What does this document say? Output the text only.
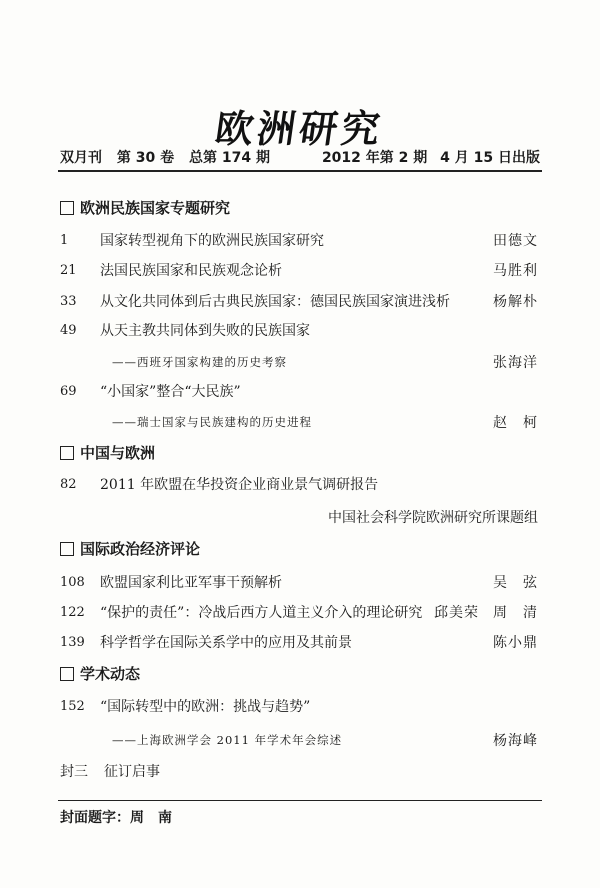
欧洲研究
双月刊 第 30 卷 总第 174 期	2012 年第 2 期 4 月 15 日出版
欧洲民族国家专题研究
1	国家转型视角下的欧洲民族国家研究	田德文
21	法国民族国家和民族观念论析	马胜利
33	从文化共同体到后古典民族国家：德国民族国家演进浅析	杨解朴
49	从天主教共同体到失败的民族国家
——西班牙国家构建的历史考察	张海洋
69	“小国家”整合“大民族”
——瑞士国家与民族建构的历史进程	赵　柯
中国与欧洲
82	2011 年欧盟在华投资企业商业景气调研报告
中国社会科学院欧洲研究所课题组
国际政治经济评论
108	欧盟国家利比亚军事干预解析	吴　弦
122	“保护的责任”：冷战后西方人道主义介入的理论研究 邱美荣 周　清
139	科学哲学在国际关系学中的应用及其前景	陈小鼎
学术动态
152	“国际转型中的欧洲：挑战与趋势”
——上海欧洲学会 2011 年学术年会综述	杨海峰
封三 征订启事
封面题字：周　南
